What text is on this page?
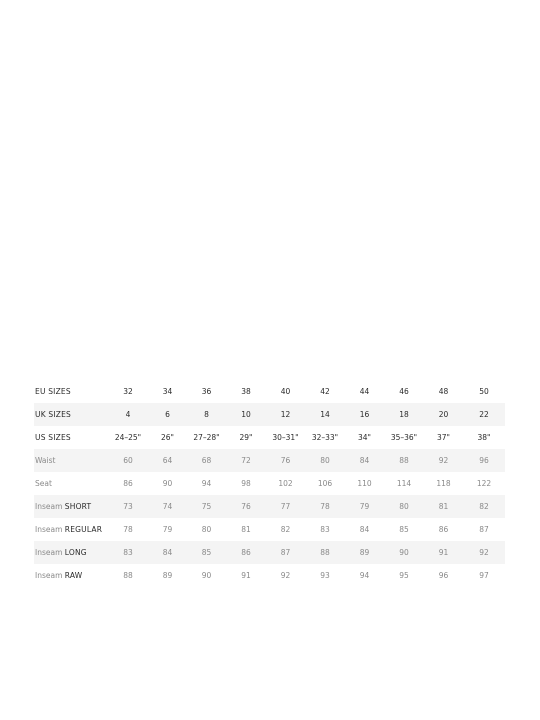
EU SIZES	32	34	36	38	40	42	44	46	48	50
UK SIZES	4	6	8	10	12	14	16	18	20	22
US SIZES	24–25"	26"	27–28"	29"	30–31"	32–33"	34"	35–36"	37"	38"
Waist	60	64	68	72	76	80	84	88	92	96
Seat	86	90	94	98	102	106	110	114	118	122
Inseam SHORT	73	74	75	76	77	78	79	80	81	82
Inseam REGULAR	78	79	80	81	82	83	84	85	86	87
Inseam LONG	83	84	85	86	87	88	89	90	91	92
Inseam RAW	88	89	90	91	92	93	94	95	96	97
